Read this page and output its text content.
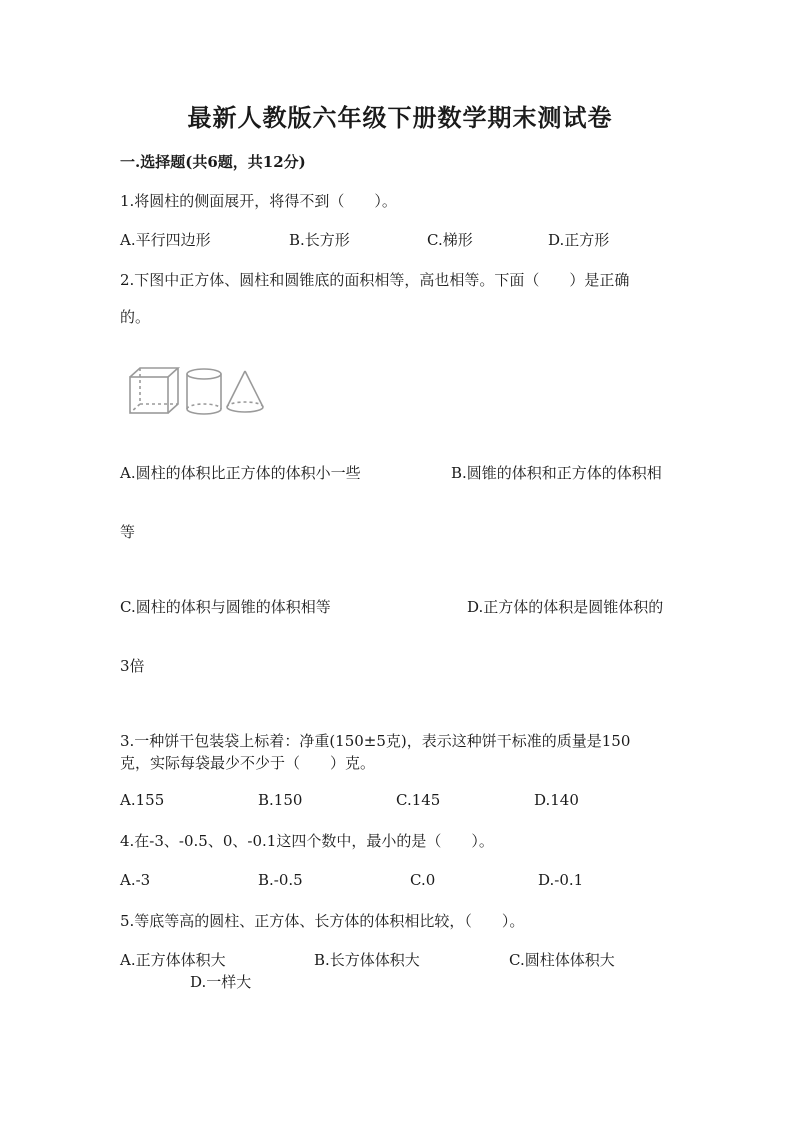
最新人教版六年级下册数学期末测试卷
一.选择题(共6题，共12分)
1.将圆柱的侧面展开，将得不到（　　）。
A.平行四边形	B.长方形	C.梯形	D.正方形
2.下图中正方体、圆柱和圆锥底的面积相等，高也相等。下面（　　）是正确
的。
A.圆柱的体积比正方体的体积小一些	B.圆锥的体积和正方体的体积相
等
C.圆柱的体积与圆锥的体积相等	D.正方体的体积是圆锥体积的
3倍
3.一种饼干包装袋上标着：净重(150±5克)，表示这种饼干标准的质量是150
克，实际每袋最少不少于（　　）克。
A.155	B.150	C.145	D.140
4.在-3、-0.5、0、-0.1这四个数中，最小的是（　　）。
A.-3	B.-0.5	C.0	D.-0.1
5.等底等高的圆柱、正方体、长方体的体积相比较，（　　）。
A.正方体体积大	B.长方体体积大	C.圆柱体体积大
D.一样大
